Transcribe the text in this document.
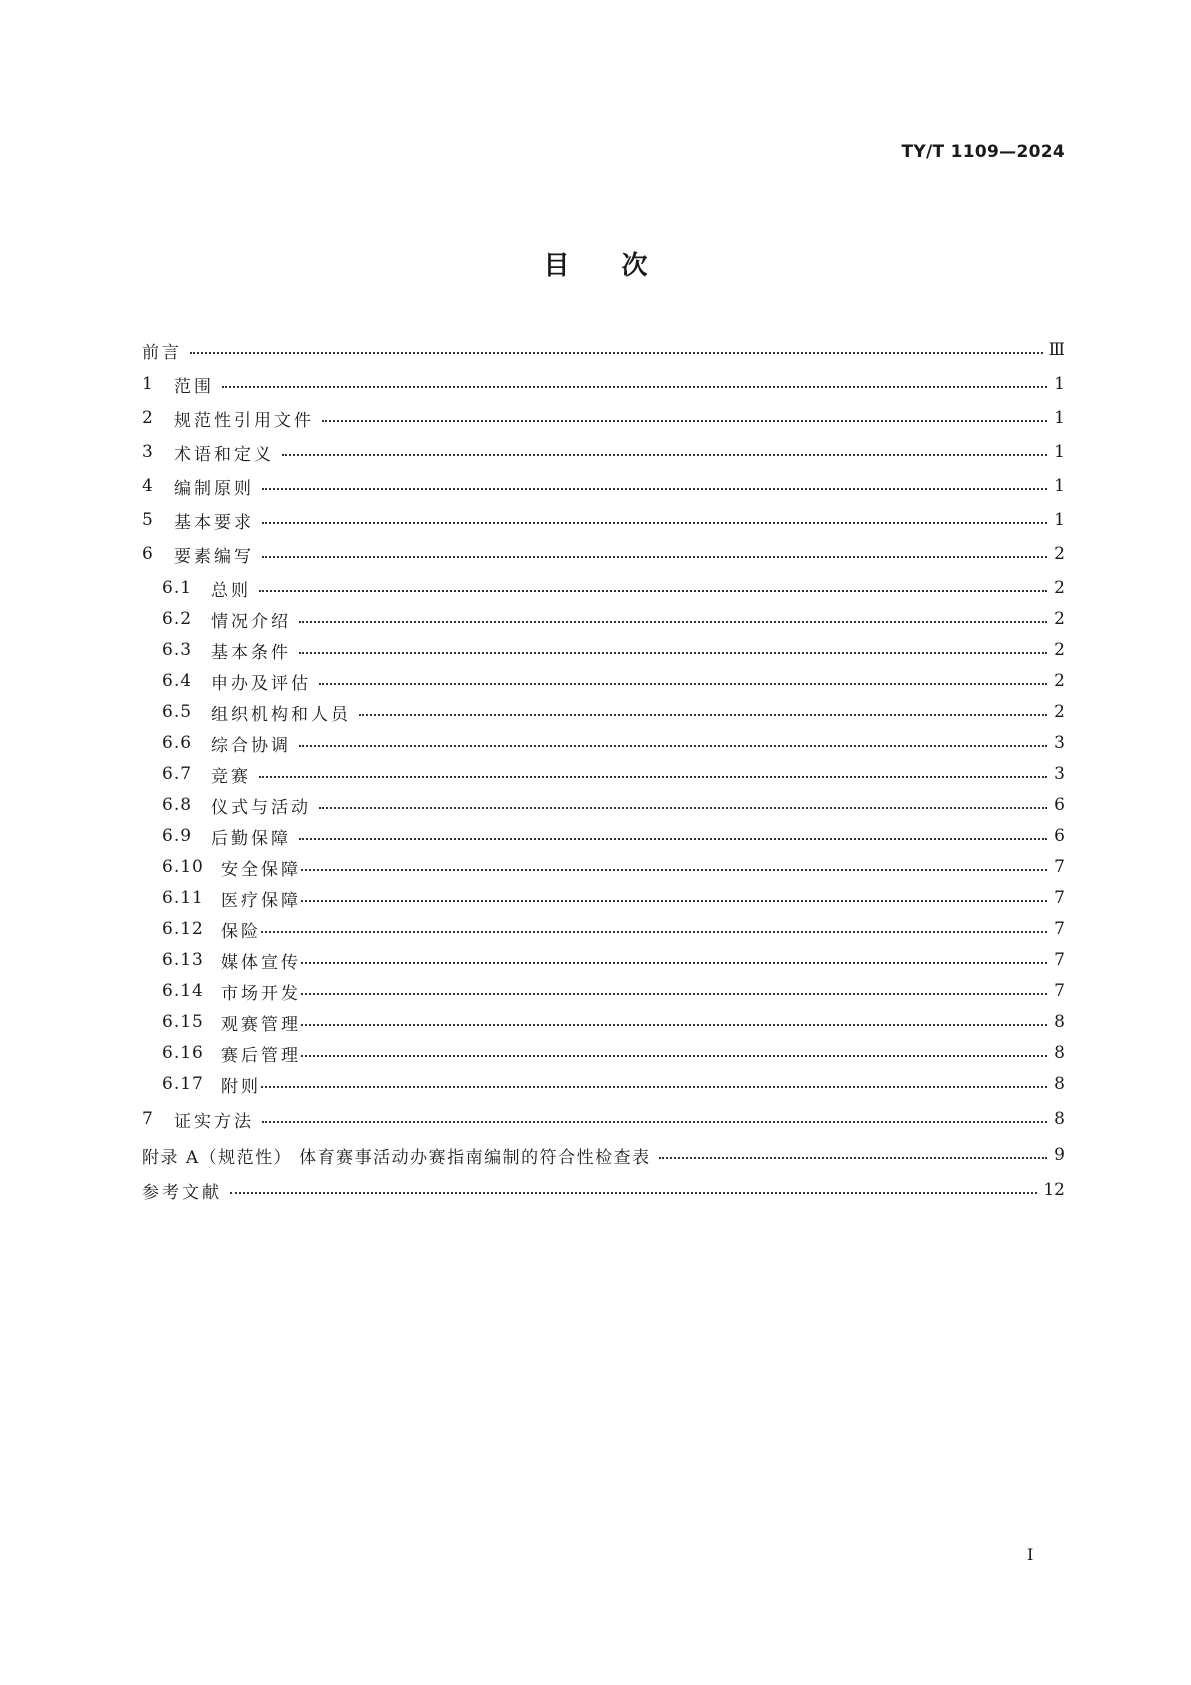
TY/T 1109—2024
目 次
前言	Ⅲ
1	范围	1
2	规范性引用文件	1
3	术语和定义	1
4	编制原则	1
5	基本要求	1
6	要素编写	2
6.1	总则	2
6.2	情况介绍	2
6.3	基本条件	2
6.4	申办及评估	2
6.5	组织机构和人员	2
6.6	综合协调	3
6.7	竞赛	3
6.8	仪式与活动	6
6.9	后勤保障	6
6.10	安全保障	7
6.11	医疗保障	7
6.12	保险	7
6.13	媒体宣传	7
6.14	市场开发	7
6.15	观赛管理	8
6.16	赛后管理	8
6.17	附则	8
7	证实方法	8
附录 A（规范性） 体育赛事活动办赛指南编制的符合性检查表	9
参考文献	12
Ⅰ
